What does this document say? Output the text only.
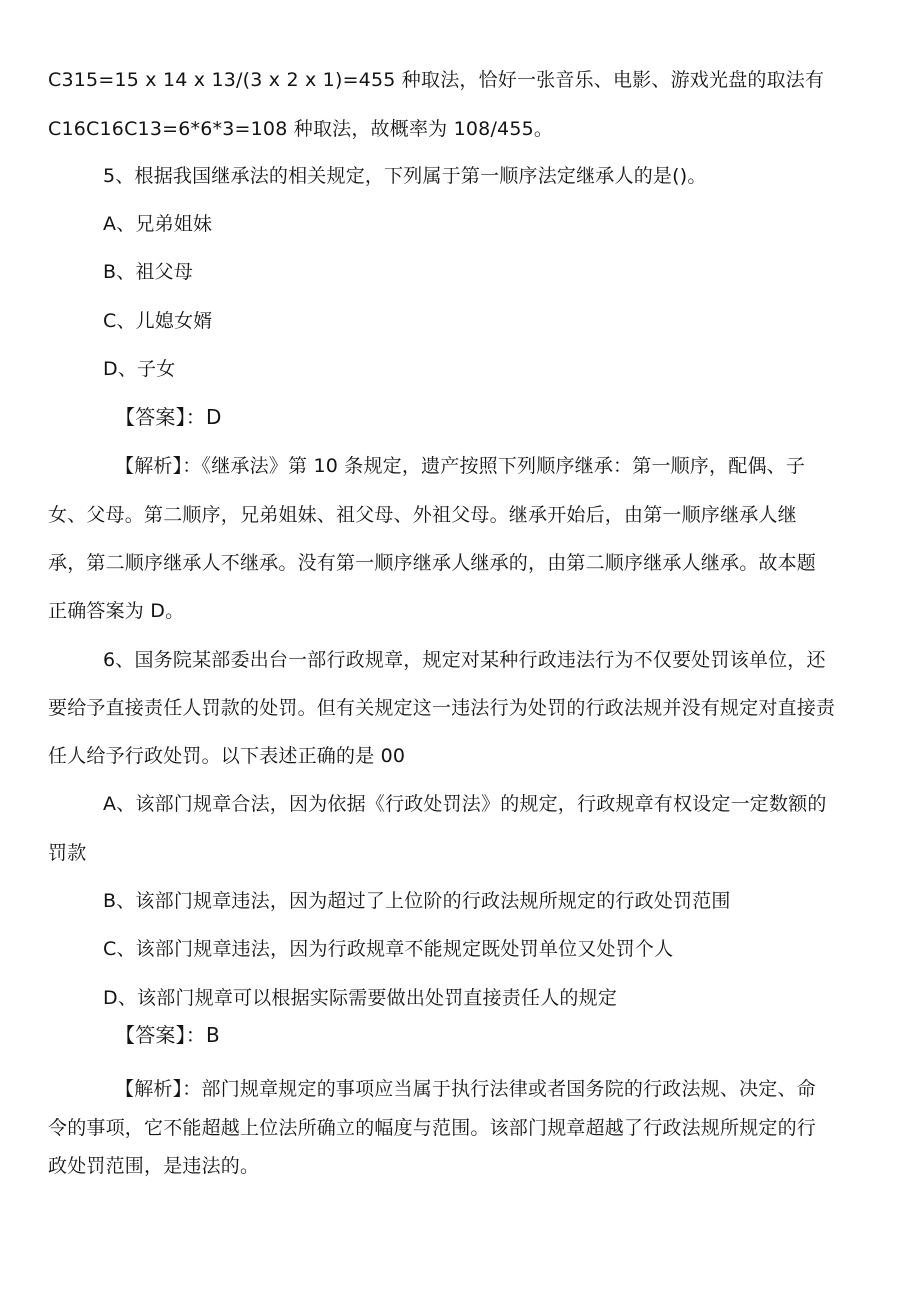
C315=15 x 14 x 13/(3 x 2 x 1)=455 种取法，恰好一张音乐、电影、游戏光盘的取法有
C16C16C13=6*6*3=108 种取法，故概率为 108/455。
5、根据我国继承法的相关规定，下列属于第一顺序法定继承人的是()。
A、兄弟姐妹
B、祖父母
C、儿媳女婿
D、子女
【答案】：D
【解析】：《继承法》第 10 条规定，遗产按照下列顺序继承：第一顺序，配偶、子
女、父母。第二顺序，兄弟姐妹、祖父母、外祖父母。继承开始后，由第一顺序继承人继
承，第二顺序继承人不继承。没有第一顺序继承人继承的，由第二顺序继承人继承。故本题
正确答案为 D。
6、国务院某部委出台一部行政规章，规定对某种行政违法行为不仅要处罚该单位，还
要给予直接责任人罚款的处罚。但有关规定这一违法行为处罚的行政法规并没有规定对直接责
任人给予行政处罚。以下表述正确的是 00
A、该部门规章合法，因为依据《行政处罚法》的规定，行政规章有权设定一定数额的
罚款
B、该部门规章违法，因为超过了上位阶的行政法规所规定的行政处罚范围
C、该部门规章违法，因为行政规章不能规定既处罚单位又处罚个人
D、该部门规章可以根据实际需要做出处罚直接责任人的规定
【答案】：B
【解析】：部门规章规定的事项应当属于执行法律或者国务院的行政法规、决定、命
令的事项，它不能超越上位法所确立的幅度与范围。该部门规章超越了行政法规所规定的行
政处罚范围，是违法的。
